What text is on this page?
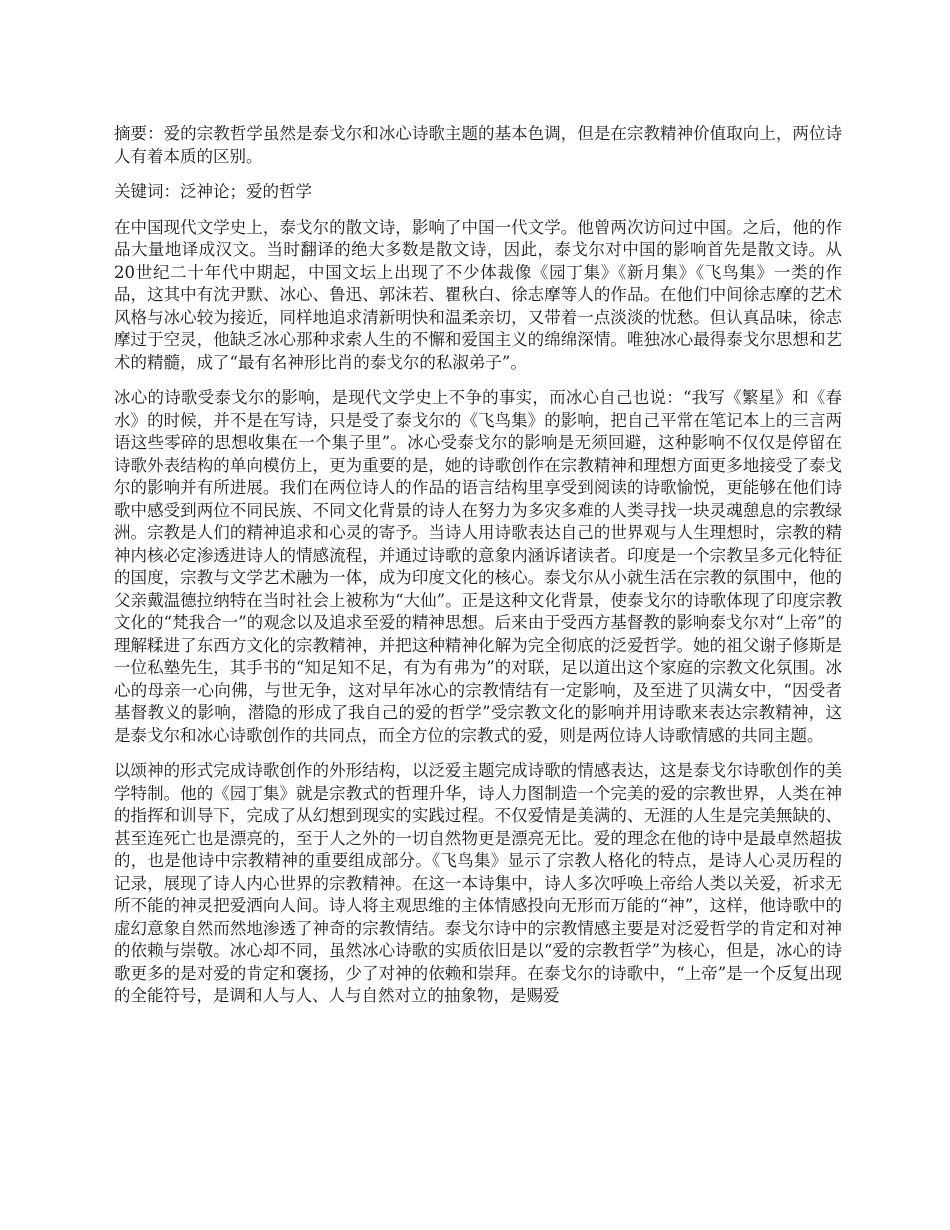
摘要：爱的宗教哲学虽然是泰戈尔和冰心诗歌主题的基本色调，但是在宗教精神价值取向上，两位诗人有着本质的区别。

关键词：泛神论；爱的哲学

在中国现代文学史上，泰戈尔的散文诗，影响了中国一代文学。他曾两次访问过中国。之后，他的作品大量地译成汉文。当时翻译的绝大多数是散文诗，因此，泰戈尔对中国的影响首先是散文诗。从20世纪二十年代中期起，中国文坛上出现了不少体裁像《园丁集》《新月集》《飞鸟集》一类的作品，这其中有沈尹默、冰心、鲁迅、郭沫若、瞿秋白、徐志摩等人的作品。在他们中间徐志摩的艺术风格与冰心较为接近，同样地追求清新明快和温柔亲切，又带着一点淡淡的忧愁。但认真品味，徐志摩过于空灵，他缺乏冰心那种求索人生的不懈和爱国主义的绵绵深情。唯独冰心最得泰戈尔思想和艺术的精髓，成了“最有名神形比肖的泰戈尔的私淑弟子”。

冰心的诗歌受泰戈尔的影响，是现代文学史上不争的事实，而冰心自己也说：“我写《繁星》和《春水》的时候，并不是在写诗，只是受了泰戈尔的《飞鸟集》的影响，把自己平常在笔记本上的三言两语这些零碎的思想收集在一个集子里”。冰心受泰戈尔的影响是无须回避，这种影响不仅仅是停留在诗歌外表结构的单向模仿上，更为重要的是，她的诗歌创作在宗教精神和理想方面更多地接受了泰戈尔的影响并有所进展。我们在两位诗人的作品的语言结构里享受到阅读的诗歌愉悦，更能够在他们诗歌中感受到两位不同民族、不同文化背景的诗人在努力为多灾多难的人类寻找一块灵魂憩息的宗教绿洲。宗教是人们的精神追求和心灵的寄予。当诗人用诗歌表达自己的世界观与人生理想时，宗教的精神内核必定渗透进诗人的情感流程，并通过诗歌的意象内涵诉诸读者。印度是一个宗教呈多元化特征的国度，宗教与文学艺术融为一体，成为印度文化的核心。泰戈尔从小就生活在宗教的氛围中，他的父亲戴温德拉纳特在当时社会上被称为“大仙”。正是这种文化背景，使泰戈尔的诗歌体现了印度宗教文化的“梵我合一”的观念以及追求至爱的精神思想。后来由于受西方基督教的影响泰戈尔对“上帝”的理解糅进了东西方文化的宗教精神，并把这种精神化解为完全彻底的泛爱哲学。她的祖父谢子修斯是一位私塾先生，其手书的“知足知不足，有为有弗为”的对联，足以道出这个家庭的宗教文化氛围。冰心的母亲一心向佛，与世无争，这对早年冰心的宗教情结有一定影响，及至进了贝满女中，“因受者基督教义的影响，潜隐的形成了我自己的爱的哲学”受宗教文化的影响并用诗歌来表达宗教精神，这是泰戈尔和冰心诗歌创作的共同点，而全方位的宗教式的爱，则是两位诗人诗歌情感的共同主题。

以颂神的形式完成诗歌创作的外形结构，以泛爱主题完成诗歌的情感表达，这是泰戈尔诗歌创作的美学特制。他的《园丁集》就是宗教式的哲理升华，诗人力图制造一个完美的爱的宗教世界，人类在神的指挥和训导下，完成了从幻想到现实的实践过程。不仅爱情是美满的、无涯的人生是完美無缺的、甚至连死亡也是漂亮的，至于人之外的一切自然物更是漂亮无比。爱的理念在他的诗中是最卓然超拔的，也是他诗中宗教精神的重要组成部分。《飞鸟集》显示了宗教人格化的特点，是诗人心灵历程的记录，展现了诗人内心世界的宗教精神。在这一本诗集中，诗人多次呼唤上帝给人类以关爱，祈求无所不能的神灵把爱洒向人间。诗人将主观思维的主体情感投向无形而万能的“神”，这样，他诗歌中的虚幻意象自然而然地渗透了神奇的宗教情结。泰戈尔诗中的宗教情感主要是对泛爱哲学的肯定和对神的依赖与崇敬。冰心却不同，虽然冰心诗歌的实质依旧是以“爱的宗教哲学”为核心，但是，冰心的诗歌更多的是对爱的肯定和褒扬，少了对神的依赖和崇拜。在泰戈尔的诗歌中，“上帝”是一个反复出现的全能符号，是调和人与人、人与自然对立的抽象物，是赐爱
